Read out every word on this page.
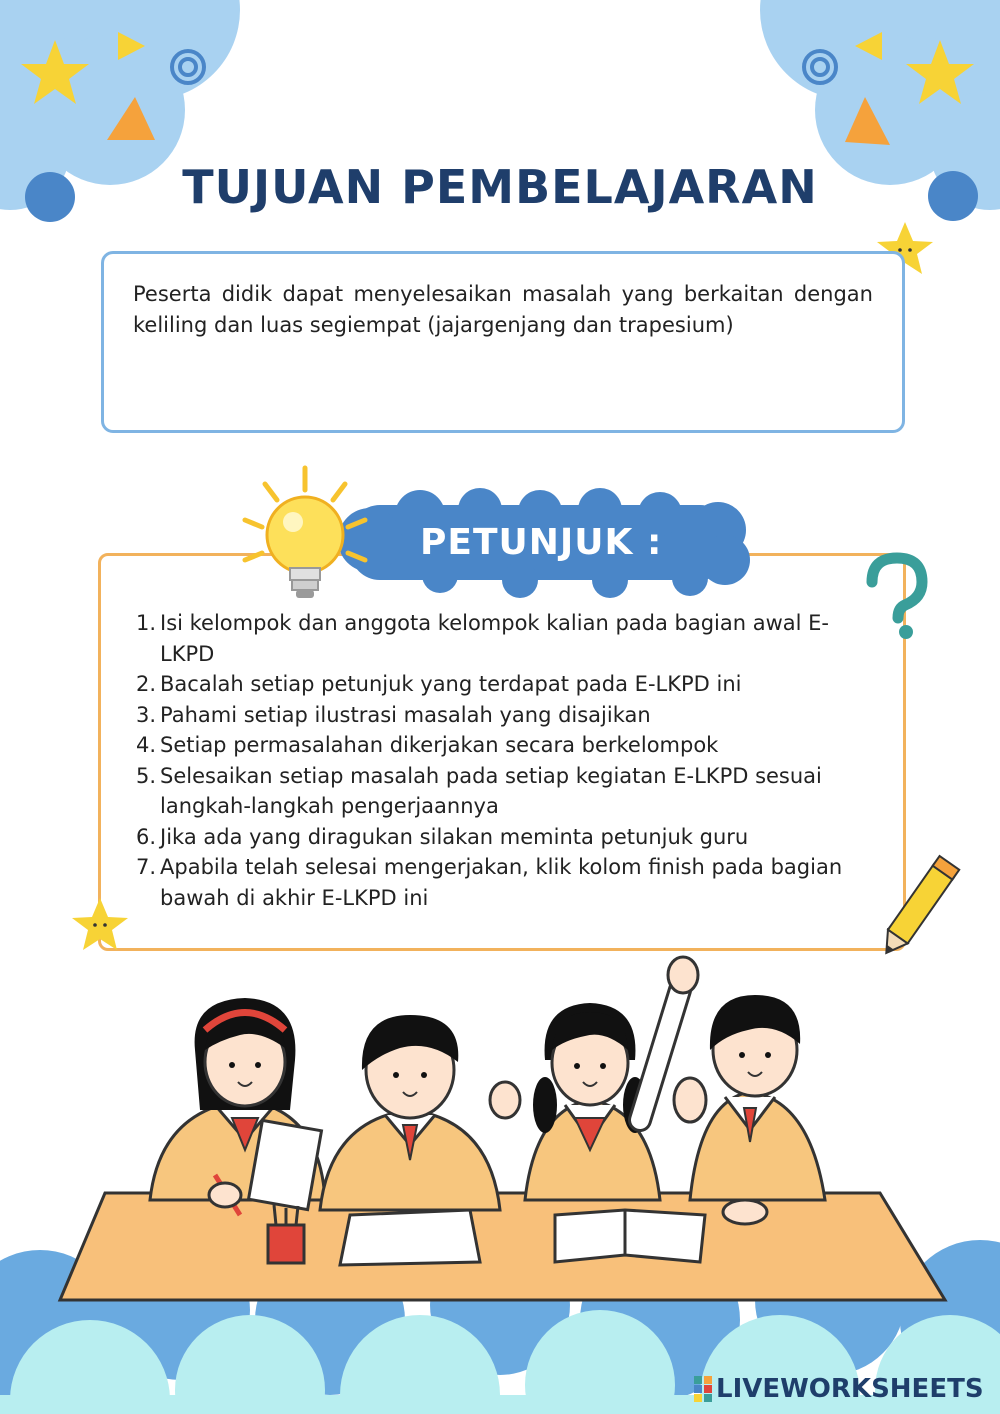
TUJUAN PEMBELAJARAN
Peserta didik dapat menyelesaikan masalah yang berkaitan dengan keliling dan luas segiempat (jajargenjang dan trapesium)
PETUNJUK :
1. Isi kelompok dan anggota kelompok kalian pada bagian awal E-LKPD
2. Bacalah setiap petunjuk yang terdapat pada E-LKPD ini
3. Pahami setiap ilustrasi masalah yang disajikan
4. Setiap permasalahan dikerjakan secara berkelompok
5. Selesaikan setiap masalah pada setiap kegiatan E-LKPD sesuai langkah-langkah pengerjaannya
6. Jika ada yang diragukan silakan meminta petunjuk guru
7. Apabila telah selesai mengerjakan, klik kolom finish pada bagian bawah di akhir E-LKPD ini
LIVEWORKSHEETS
